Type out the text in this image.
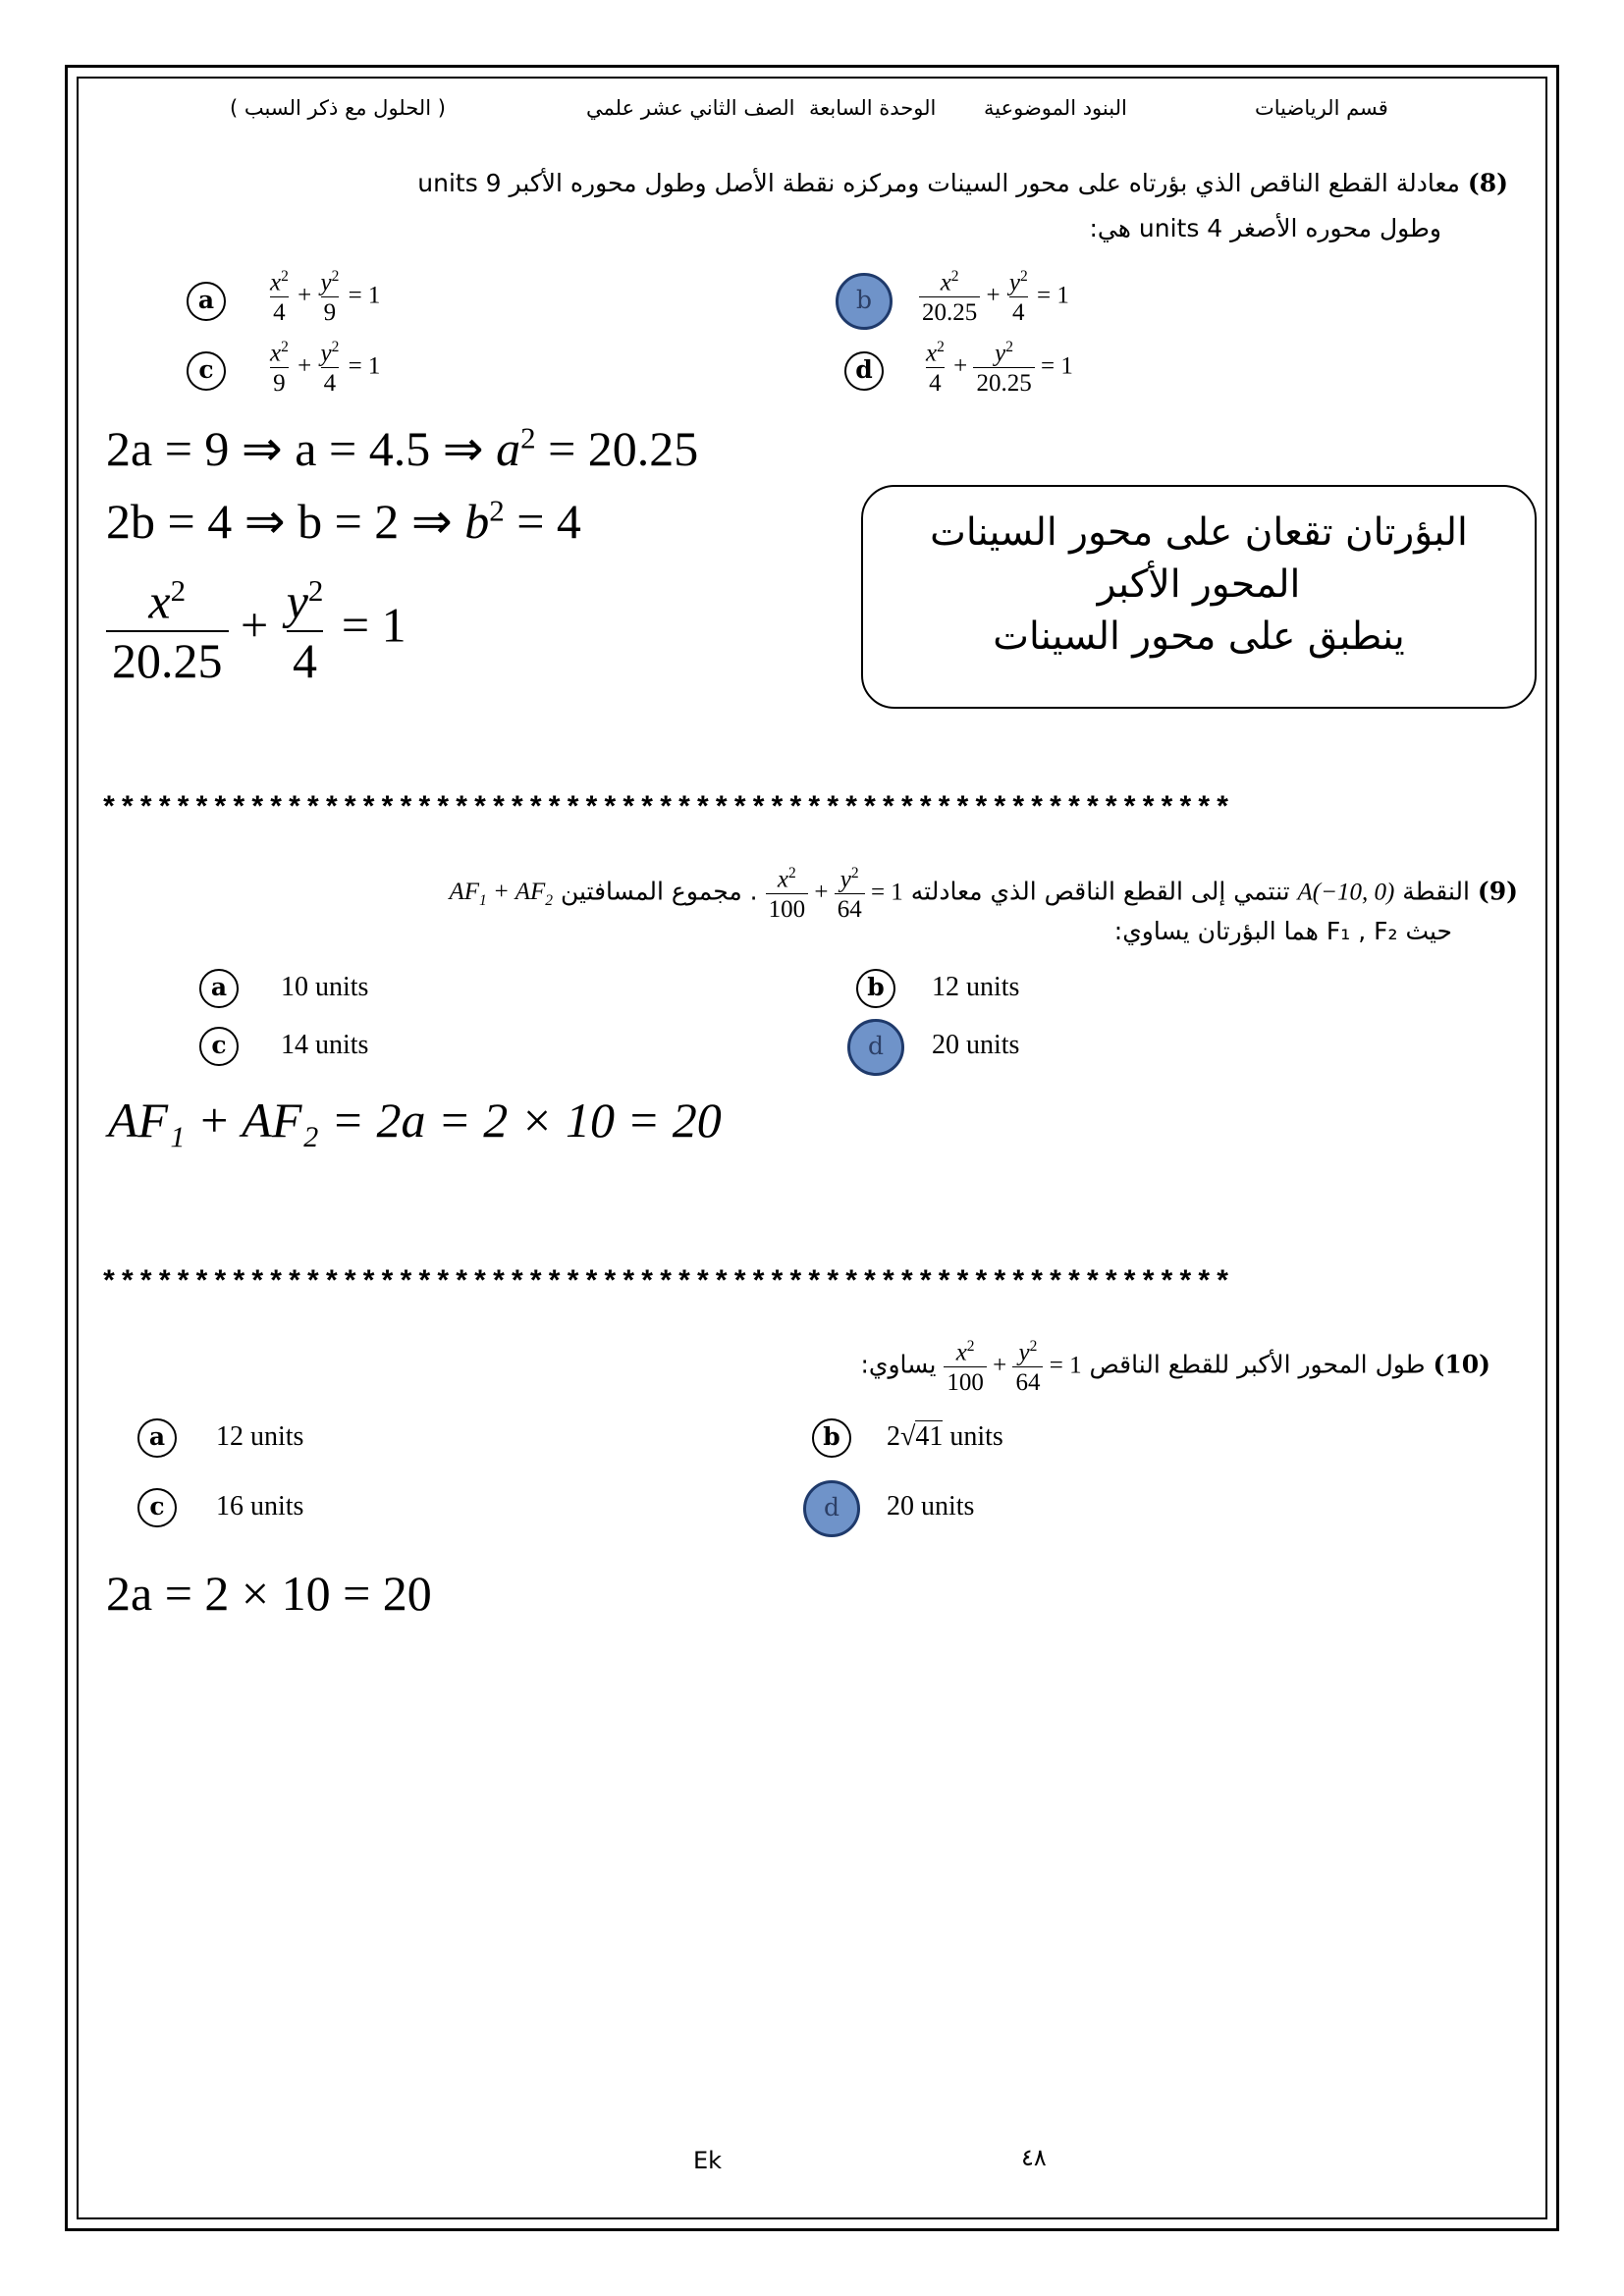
قسم الرياضيات
البنود الموضوعية
الوحدة السابعة
الصف الثاني عشر علمي
( الحلول مع ذكر السبب )
(8) معادلة القطع الناقص الذي بؤرتاه على محور السينات ومركزه نقطة الأصل وطول محوره الأكبر 9 units
وطول محوره الأصغر 4 units هي:
a	$\frac{x^2}{4} + \frac{y^2}{9} = 1$	b	$\frac{x^2}{20.25} + \frac{y^2}{4} = 1$
c	$\frac{x^2}{9} + \frac{y^2}{4} = 1$	d	$\frac{x^2}{4} + \frac{y^2}{20.25} = 1$
2a = 9 ⇒ a = 4.5 ⇒ $a^2 = 20.25$
2b = 4 ⇒ b = 2 ⇒ $b^2 = 4$
$\frac{x^2}{20.25} + \frac{y^2}{4} = 1$
البؤرتان تقعان على محور السينات
المحور الأكبر
ينطبق على محور السينات
*************************************************************
(9) النقطة A(−10, 0) تنتمي إلى القطع الناقص الذي معادلته
$\frac{x^2}{100} + \frac{y^2}{64} = 1$ . مجموع المسافتين $AF_1 + AF_2$
حيث F₁ , F₂ هما البؤرتان يساوي:
a	10 units	b	12 units
c	14 units	d	20 units
AF₁ + AF₂ = 2a = 2 × 10 = 20
*************************************************************
(10) طول المحور الأكبر للقطع الناقص
$\frac{x^2}{100} + \frac{y^2}{64} = 1$ يساوي:
a	12 units	b	2√41 units
c	16 units	d	20 units
2a = 2 × 10 = 20
Ek	٤٨
